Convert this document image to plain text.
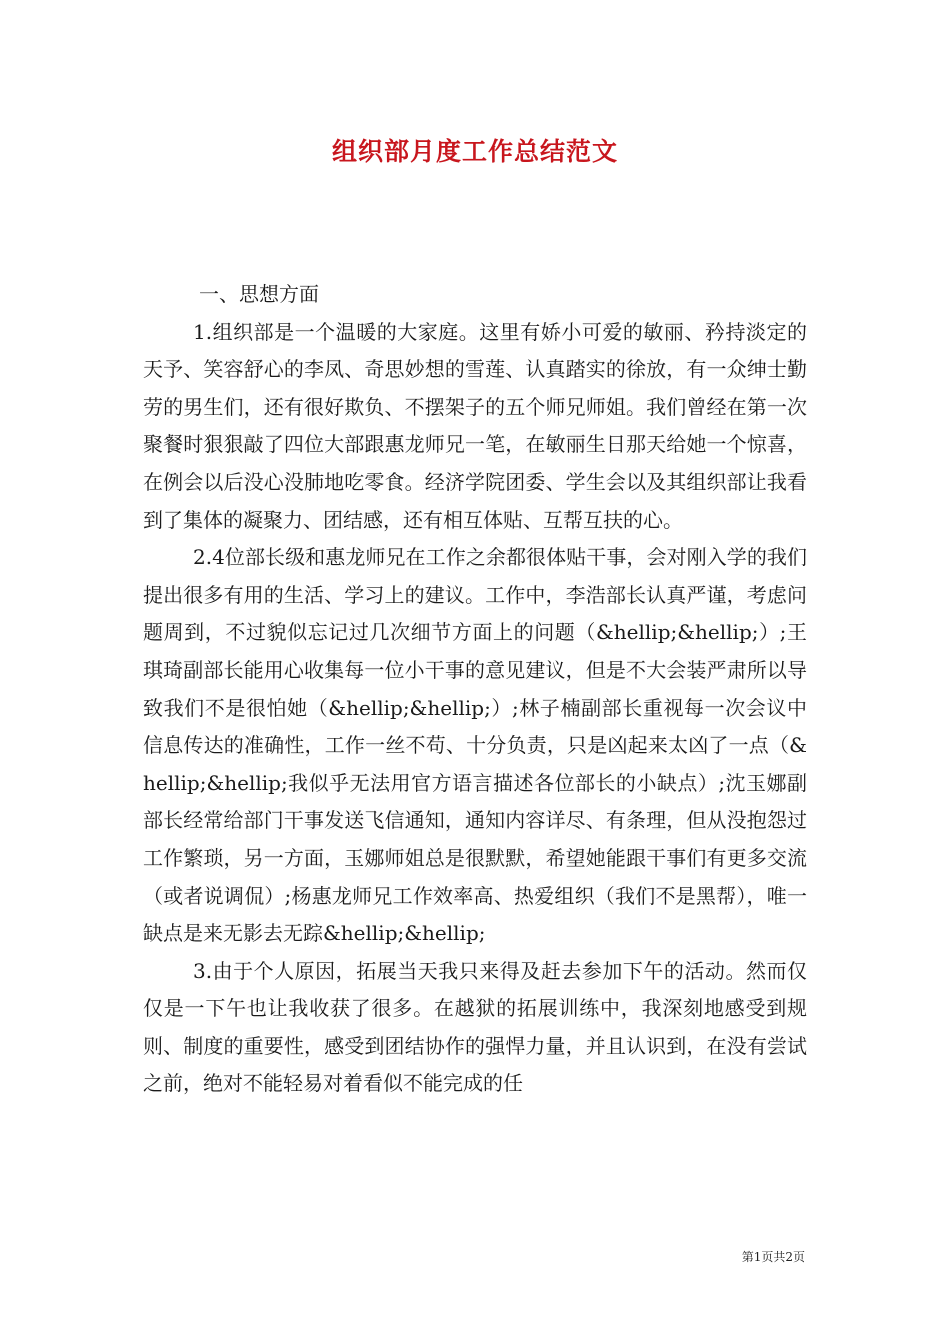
组织部月度工作总结范文

一、思想方面

1.组织部是一个温暖的大家庭。这里有娇小可爱的敏丽、矜持淡定的天予、笑容舒心的李凤、奇思妙想的雪莲、认真踏实的徐放，有一众绅士勤劳的男生们，还有很好欺负、不摆架子的五个师兄师姐。我们曾经在第一次聚餐时狠狠敲了四位大部跟惠龙师兄一笔，在敏丽生日那天给她一个惊喜，在例会以后没心没肺地吃零食。经济学院团委、学生会以及其组织部让我看到了集体的凝聚力、团结感，还有相互体贴、互帮互扶的心。

2.4位部长级和惠龙师兄在工作之余都很体贴干事，会对刚入学的我们提出很多有用的生活、学习上的建议。工作中，李浩部长认真严谨，考虑问题周到，不过貌似忘记过几次细节方面上的问题（&hellip;&hellip;）;王琪琦副部长能用心收集每一位小干事的意见建议，但是不大会装严肃所以导致我们不是很怕她（&hellip;&hellip;）;林子楠副部长重视每一次会议中信息传达的准确性，工作一丝不苟、十分负责，只是凶起来太凶了一点（&hellip;&hellip;我似乎无法用官方语言描述各位部长的小缺点）;沈玉娜副部长经常给部门干事发送飞信通知，通知内容详尽、有条理，但从没抱怨过工作繁琐，另一方面，玉娜师姐总是很默默，希望她能跟干事们有更多交流（或者说调侃）;杨惠龙师兄工作效率高、热爱组织（我们不是黑帮），唯一缺点是来无影去无踪&hellip;&hellip;

3.由于个人原因，拓展当天我只来得及赶去参加下午的活动。然而仅仅是一下午也让我收获了很多。在越狱的拓展训练中，我深刻地感受到规则、制度的重要性，感受到团结协作的强悍力量，并且认识到，在没有尝试之前，绝对不能轻易对着看似不能完成的任

第1页共2页
